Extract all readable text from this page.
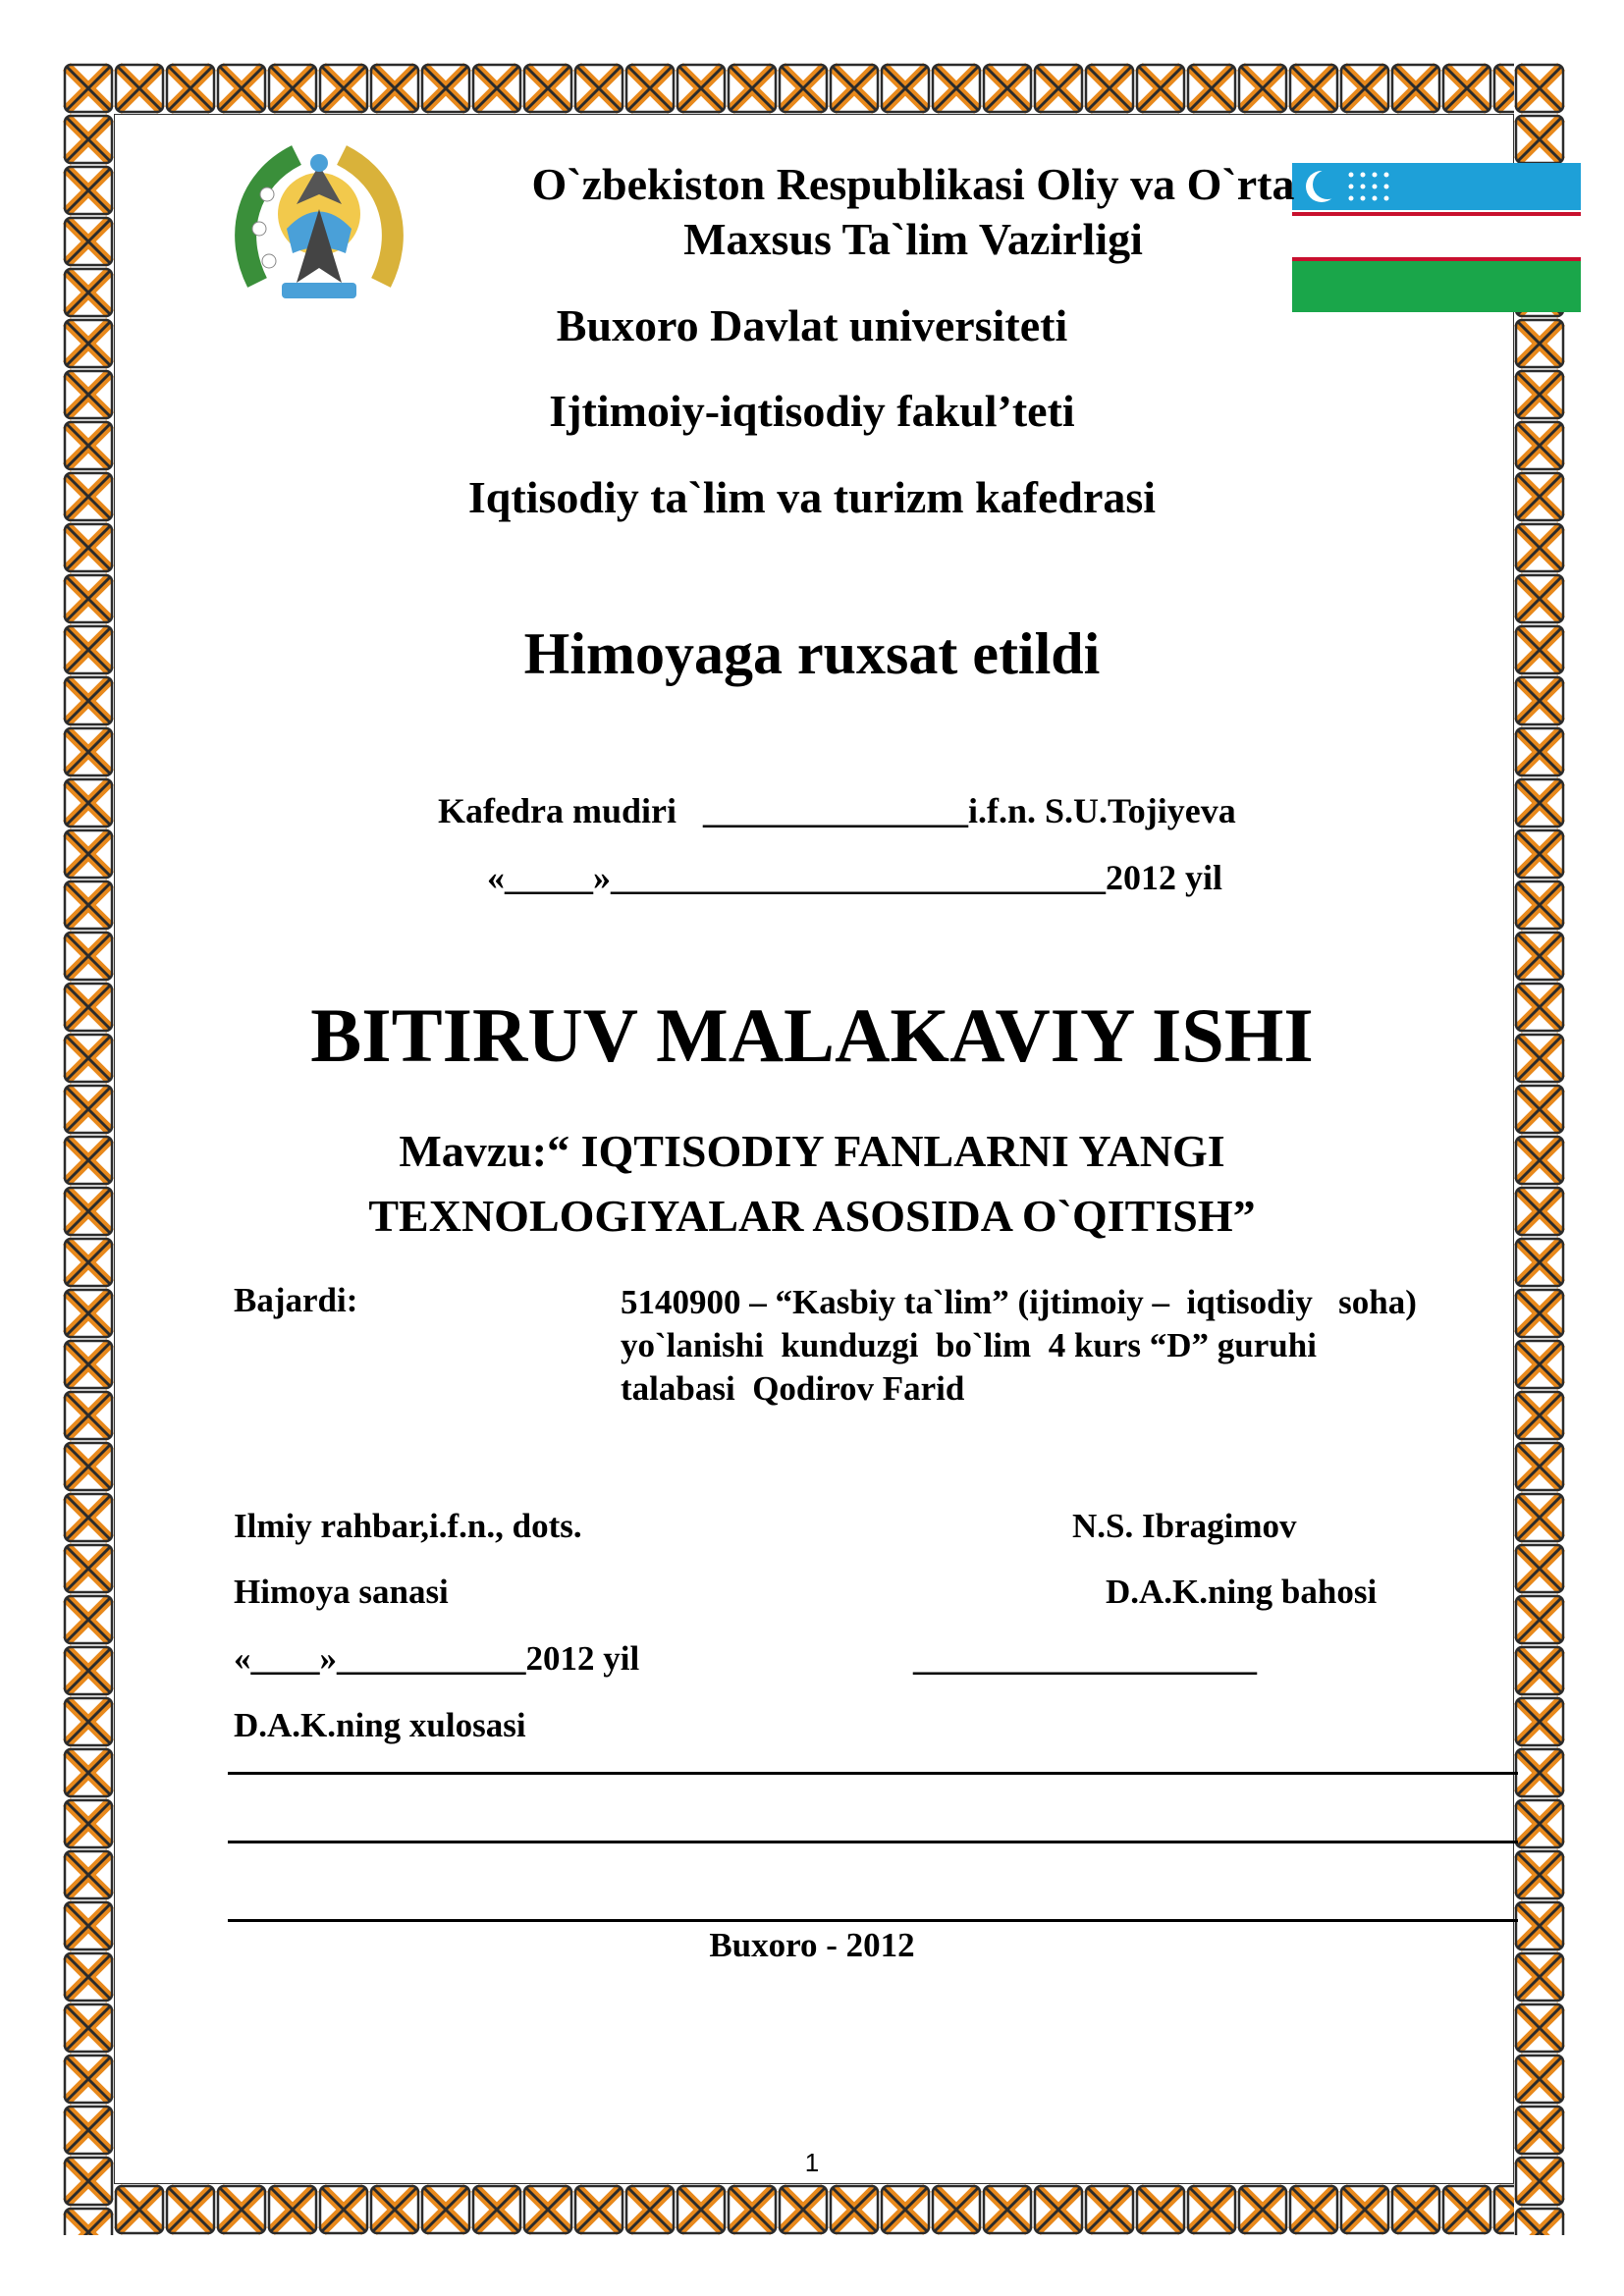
O`zbekiston Respublikasi Oliy va O`rta
Maxsus Ta`lim Vazirligi
Buxoro Davlat universiteti
Ijtimoiy-iqtisodiy fakul’teti
Iqtisodiy ta`lim va turizm kafedrasi
Himoyaga ruxsat etildi
Kafedra mudiri   _______________i.f.n. S.U.Tojiyeva
«_____»____________________________2012 yil
BITIRUV MALAKAVIY ISHI
Mavzu:“ IQTISODIY FANLARNI YANGI
TEXNOLOGIYALAR ASOSIDA O`QITISH”
Bajardi:	5140900 – “Kasbiy ta`lim” (ijtimoiy –  iqtisodiy   soha)
yo`lanishi  kunduzgi  bo`lim  4 kurs “D” guruhi
talabasi  Qodirov Farid
Ilmiy rahbar,i.f.n., dots.	N.S. Ibragimov
Himoya sanasi	D.A.K.ning bahosi
«____»___________2012 yil	____________________
D.A.K.ning xulosasi
Buxoro - 2012
1
